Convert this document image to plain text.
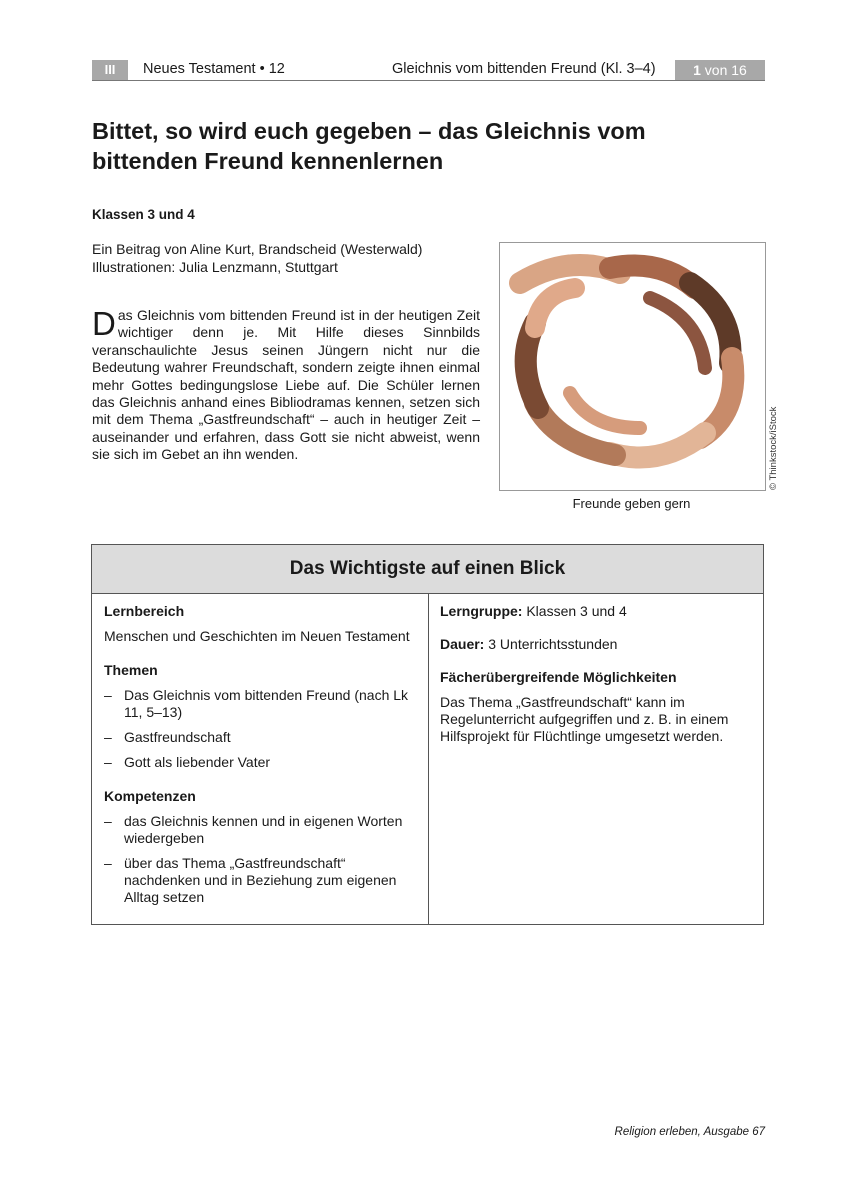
III	Neues Testament • 12	Gleichnis vom bittenden Freund (Kl. 3–4)	1 von 16
Bittet, so wird euch gegeben – das Gleichnis vom bittenden Freund kennenlernen
Klassen 3 und 4
Ein Beitrag von Aline Kurt, Brandscheid (Westerwald)
Illustrationen: Julia Lenzmann, Stuttgart
Das Gleichnis vom bittenden Freund ist in der heutigen Zeit wichtiger denn je. Mit Hilfe dieses Sinnbilds veranschaulichte Jesus seinen Jüngern nicht nur die Bedeutung wahrer Freundschaft, sondern zeigte ihnen einmal mehr Gottes bedingungslose Liebe auf. Die Schüler lernen das Gleichnis anhand eines Bibliodramas kennen, setzen sich mit dem Thema „Gastfreundschaft“ – auch in heutiger Zeit – auseinander und erfahren, dass Gott sie nicht abweist, wenn sie sich im Gebet an ihn wenden.	© Thinkstock/iStock
Freunde geben gern
Das Wichtigste auf einen Blick
Lernbereich
Menschen und Geschichten im Neuen Testament
Themen
– Das Gleichnis vom bittenden Freund (nach Lk 11, 5–13)
– Gastfreundschaft
– Gott als liebender Vater
Kompetenzen
– das Gleichnis kennen und in eigenen Worten wiedergeben
– über das Thema „Gastfreundschaft“ nachdenken und in Beziehung zum eigenen Alltag setzen
Lerngruppe: Klassen 3 und 4
Dauer: 3 Unterrichtsstunden
Fächerübergreifende Möglichkeiten
Das Thema „Gastfreundschaft“ kann im Regelunterricht aufgegriffen und z. B. in einem Hilfsprojekt für Flüchtlinge umgesetzt werden.
Religion erleben, Ausgabe 67
